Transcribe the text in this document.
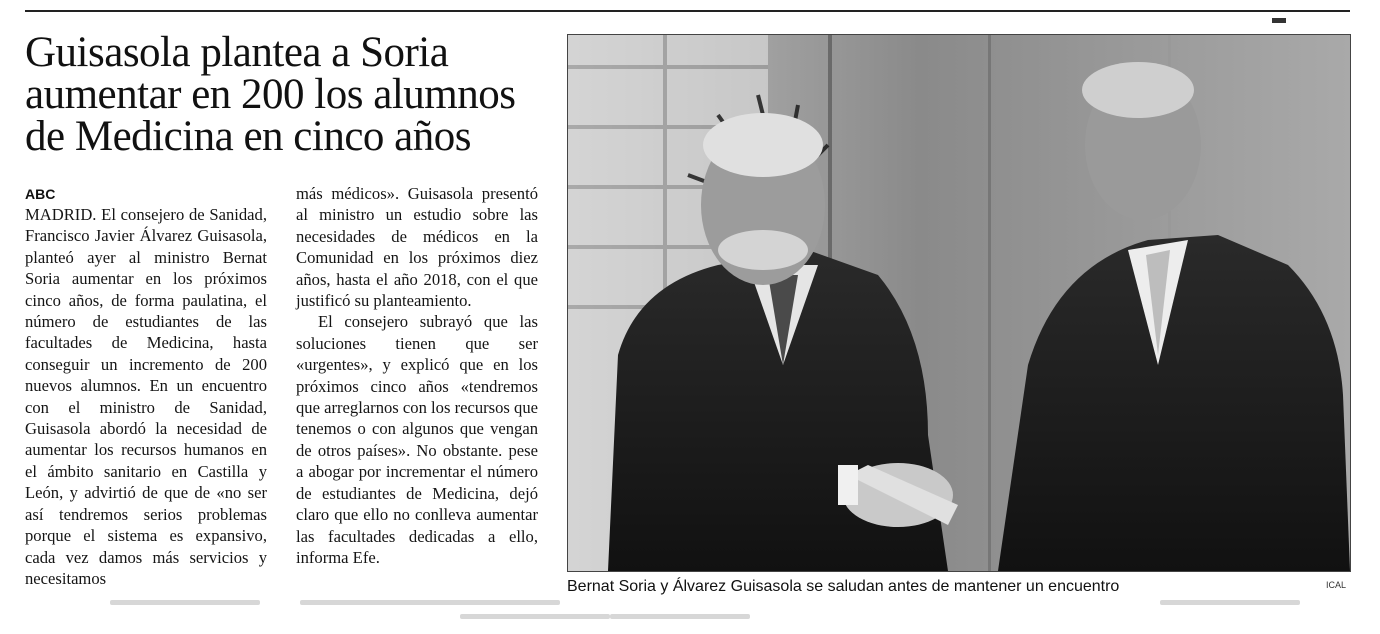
Guisasola plantea a Soria aumentar en 200 los alumnos de Medicina en cinco años
ABC

MADRID. El consejero de Sanidad, Francisco Javier Álvarez Guisasola, planteó ayer al ministro Bernat Soria aumentar en los próximos cinco años, de forma paulatina, el número de estudiantes de las facultades de Medicina, hasta conseguir un incremento de 200 nuevos alumnos. En un encuentro con el ministro de Sanidad, Guisasola abordó la necesidad de aumentar los recursos humanos en el ámbito sanitario en Castilla y León, y advirtió de que de «no ser así tendremos serios problemas porque el sistema es expansivo, cada vez damos más servicios y necesitamos

más médicos». Guisasola presentó al ministro un estudio sobre las necesidades de médicos en la Comunidad en los próximos diez años, hasta el año 2018, con el que justificó su planteamiento.

El consejero subrayó que las soluciones tienen que ser «urgentes», y explicó que en los próximos cinco años «tendremos que arreglarnos con los recursos que tenemos o con algunos que vengan de otros países». No obstante. pese a abogar por incrementar el número de estudiantes de Medicina, dejó claro que ello no conlleva aumentar las facultades dedicadas a ello, informa Efe.

Bernat Soria y Álvarez Guisasola se saludan antes de mantener un encuentro	ICAL
